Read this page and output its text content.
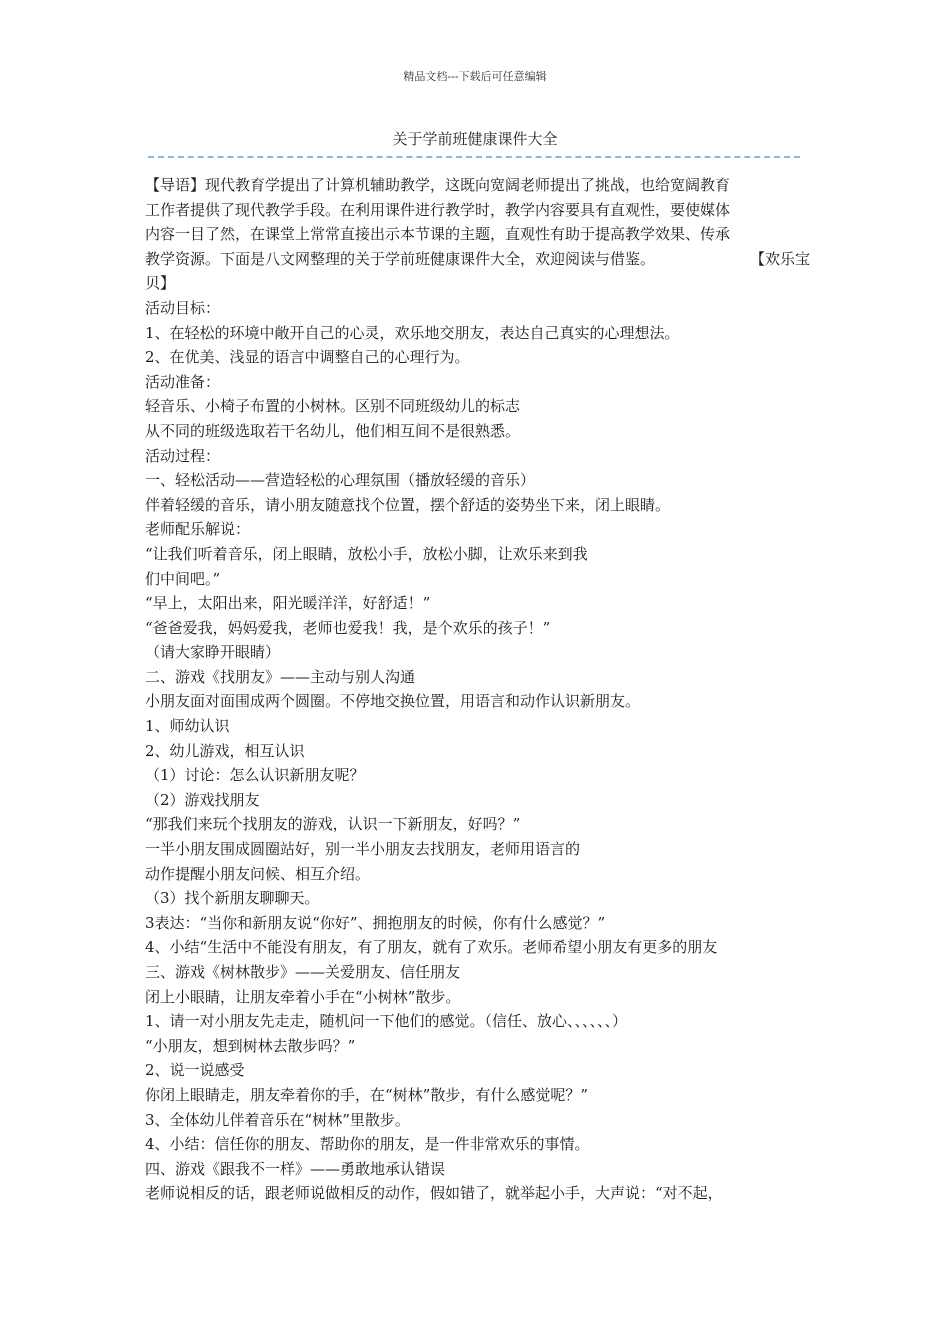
精品文档---下载后可任意编辑
关于学前班健康课件大全
【导语】现代教育学提出了计算机辅助教学，这既向宽阔老师提出了挑战，也给宽阔教育
工作者提供了现代教学手段。在利用课件进行教学时，教学内容要具有直观性，要使媒体
内容一目了然，在课堂上常常直接出示本节课的主题，直观性有助于提高教学效果、传承
教学资源。下面是八文网整理的关于学前班健康课件大全，欢迎阅读与借鉴。	【欢乐宝
贝】
活动目标：
1、在轻松的环境中敞开自己的心灵，欢乐地交朋友，表达自己真实的心理想法。
2、在优美、浅显的语言中调整自己的心理行为。
活动准备：
轻音乐、小椅子布置的小树林。区别不同班级幼儿的标志
从不同的班级选取若干名幼儿，他们相互间不是很熟悉。
活动过程：
一、轻松活动——营造轻松的心理氛围（播放轻缓的音乐）
伴着轻缓的音乐，请小朋友随意找个位置，摆个舒适的姿势坐下来，闭上眼睛。
老师配乐解说：
“让我们听着音乐，闭上眼睛，放松小手，放松小脚，让欢乐来到我
们中间吧。”
“早上，太阳出来，阳光暖洋洋，好舒适！”
“爸爸爱我，妈妈爱我，老师也爱我！我，是个欢乐的孩子！”
（请大家睁开眼睛）
二、游戏《找朋友》——主动与别人沟通
小朋友面对面围成两个圆圈。不停地交换位置，用语言和动作认识新朋友。
1、师幼认识
2、幼儿游戏，相互认识
（1）讨论：怎么认识新朋友呢？
（2）游戏找朋友
“那我们来玩个找朋友的游戏，认识一下新朋友，好吗？”
一半小朋友围成圆圈站好，别一半小朋友去找朋友，老师用语言的
动作提醒小朋友问候、相互介绍。
（3）找个新朋友聊聊天。
3表达：“当你和新朋友说“你好”、拥抱朋友的时候，你有什么感觉？”
4、小结“生活中不能没有朋友，有了朋友，就有了欢乐。老师希望小朋友有更多的朋友
三、游戏《树林散步》——关爱朋友、信任朋友
闭上小眼睛，让朋友牵着小手在“小树林”散步。
1、请一对小朋友先走走，随机问一下他们的感觉。（信任、放心、、、、、、）
“小朋友，想到树林去散步吗？”
2、说一说感受
你闭上眼睛走，朋友牵着你的手，在“树林”散步，有什么感觉呢？”
3、全体幼儿伴着音乐在“树林”里散步。
4、小结：信任你的朋友、帮助你的朋友，是一件非常欢乐的事情。
四、游戏《跟我不一样》——勇敢地承认错误
老师说相反的话，跟老师说做相反的动作，假如错了，就举起小手，大声说：“对不起，
